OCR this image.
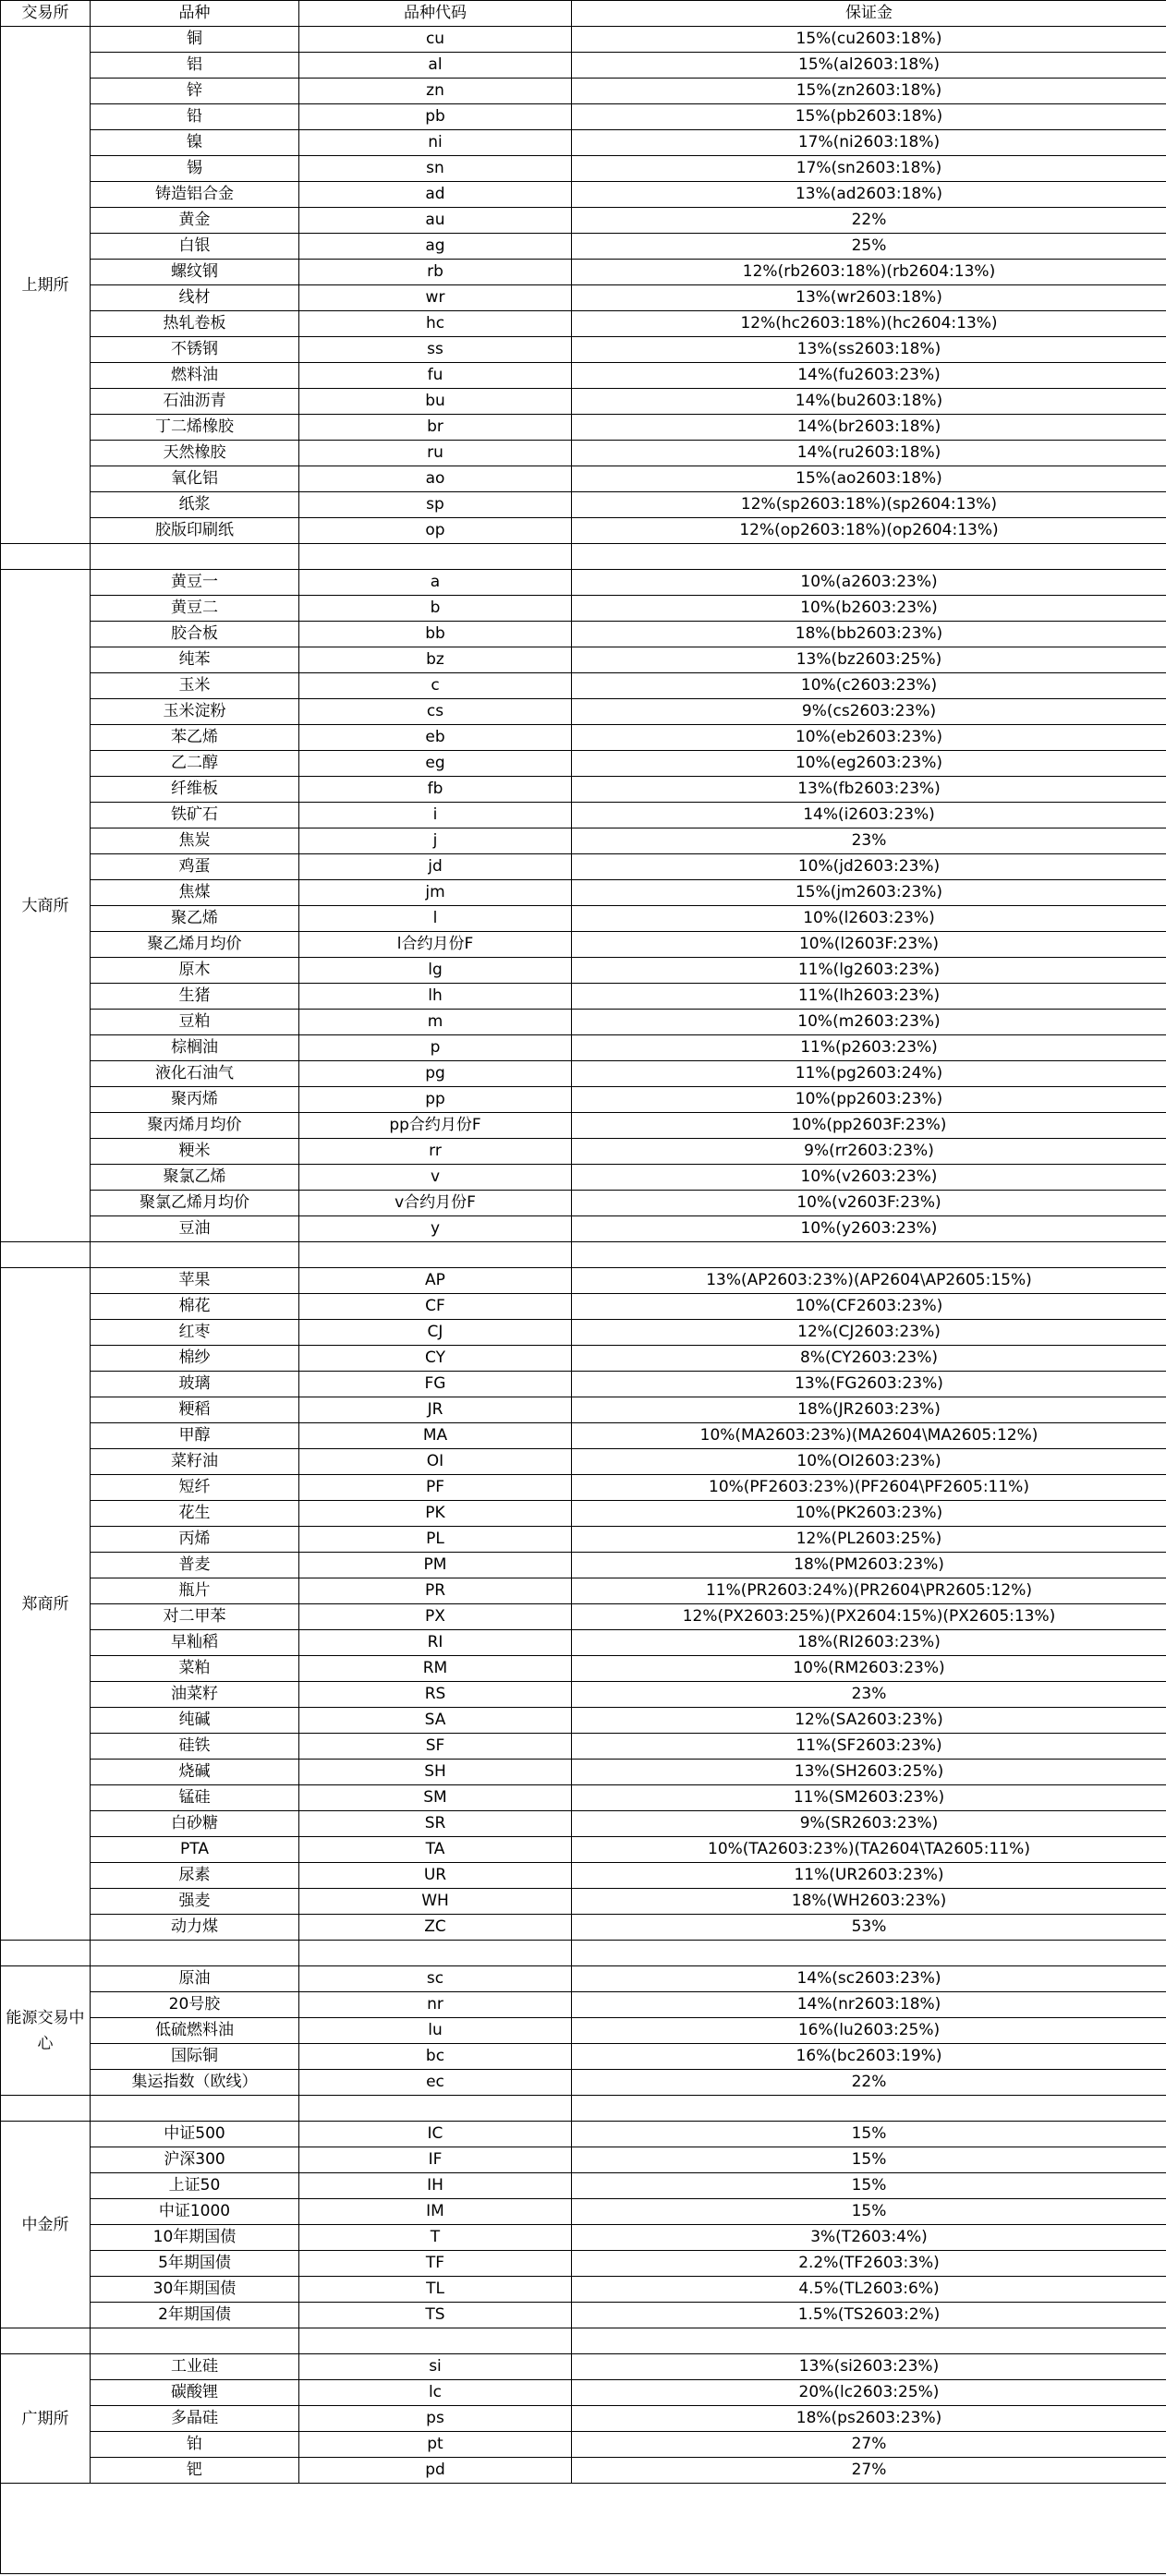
交易所	品种	品种代码	保证金
上期所	铜	cu	15%(cu2603:18%)
	铝	al	15%(al2603:18%)
	锌	zn	15%(zn2603:18%)
	铅	pb	15%(pb2603:18%)
	镍	ni	17%(ni2603:18%)
	锡	sn	17%(sn2603:18%)
	铸造铝合金	ad	13%(ad2603:18%)
	黄金	au	22%
	白银	ag	25%
	螺纹钢	rb	12%(rb2603:18%)(rb2604:13%)
	线材	wr	13%(wr2603:18%)
	热轧卷板	hc	12%(hc2603:18%)(hc2604:13%)
	不锈钢	ss	13%(ss2603:18%)
	燃料油	fu	14%(fu2603:23%)
	石油沥青	bu	14%(bu2603:18%)
	丁二烯橡胶	br	14%(br2603:18%)
	天然橡胶	ru	14%(ru2603:18%)
	氧化铝	ao	15%(ao2603:18%)
	纸浆	sp	12%(sp2603:18%)(sp2604:13%)
	胶版印刷纸	op	12%(op2603:18%)(op2604:13%)

大商所	黄豆一	a	10%(a2603:23%)
	黄豆二	b	10%(b2603:23%)
	胶合板	bb	18%(bb2603:23%)
	纯苯	bz	13%(bz2603:25%)
	玉米	c	10%(c2603:23%)
	玉米淀粉	cs	9%(cs2603:23%)
	苯乙烯	eb	10%(eb2603:23%)
	乙二醇	eg	10%(eg2603:23%)
	纤维板	fb	13%(fb2603:23%)
	铁矿石	i	14%(i2603:23%)
	焦炭	j	23%
	鸡蛋	jd	10%(jd2603:23%)
	焦煤	jm	15%(jm2603:23%)
	聚乙烯	l	10%(l2603:23%)
	聚乙烯月均价	l合约月份F	10%(l2603F:23%)
	原木	lg	11%(lg2603:23%)
	生猪	lh	11%(lh2603:23%)
	豆粕	m	10%(m2603:23%)
	棕榈油	p	11%(p2603:23%)
	液化石油气	pg	11%(pg2603:24%)
	聚丙烯	pp	10%(pp2603:23%)
	聚丙烯月均价	pp合约月份F	10%(pp2603F:23%)
	粳米	rr	9%(rr2603:23%)
	聚氯乙烯	v	10%(v2603:23%)
	聚氯乙烯月均价	v合约月份F	10%(v2603F:23%)
	豆油	y	10%(y2603:23%)

郑商所	苹果	AP	13%(AP2603:23%)(AP2604\AP2605:15%)
	棉花	CF	10%(CF2603:23%)
	红枣	CJ	12%(CJ2603:23%)
	棉纱	CY	8%(CY2603:23%)
	玻璃	FG	13%(FG2603:23%)
	粳稻	JR	18%(JR2603:23%)
	甲醇	MA	10%(MA2603:23%)(MA2604\MA2605:12%)
	菜籽油	OI	10%(OI2603:23%)
	短纤	PF	10%(PF2603:23%)(PF2604\PF2605:11%)
	花生	PK	10%(PK2603:23%)
	丙烯	PL	12%(PL2603:25%)
	普麦	PM	18%(PM2603:23%)
	瓶片	PR	11%(PR2603:24%)(PR2604\PR2605:12%)
	对二甲苯	PX	12%(PX2603:25%)(PX2604:15%)(PX2605:13%)
	早籼稻	RI	18%(RI2603:23%)
	菜粕	RM	10%(RM2603:23%)
	油菜籽	RS	23%
	纯碱	SA	12%(SA2603:23%)
	硅铁	SF	11%(SF2603:23%)
	烧碱	SH	13%(SH2603:25%)
	锰硅	SM	11%(SM2603:23%)
	白砂糖	SR	9%(SR2603:23%)
	PTA	TA	10%(TA2603:23%)(TA2604\TA2605:11%)
	尿素	UR	11%(UR2603:23%)
	强麦	WH	18%(WH2603:23%)
	动力煤	ZC	53%

能源交易中心	原油	sc	14%(sc2603:23%)
	20号胶	nr	14%(nr2603:18%)
	低硫燃料油	lu	16%(lu2603:25%)
	国际铜	bc	16%(bc2603:19%)
	集运指数（欧线）	ec	22%

中金所	中证500	IC	15%
	沪深300	IF	15%
	上证50	IH	15%
	中证1000	IM	15%
	10年期国债	T	3%(T2603:4%)
	5年期国债	TF	2.2%(TF2603:3%)
	30年期国债	TL	4.5%(TL2603:6%)
	2年期国债	TS	1.5%(TS2603:2%)

广期所	工业硅	si	13%(si2603:23%)
	碳酸锂	lc	20%(lc2603:25%)
	多晶硅	ps	18%(ps2603:23%)
	铂	pt	27%
	钯	pd	27%
